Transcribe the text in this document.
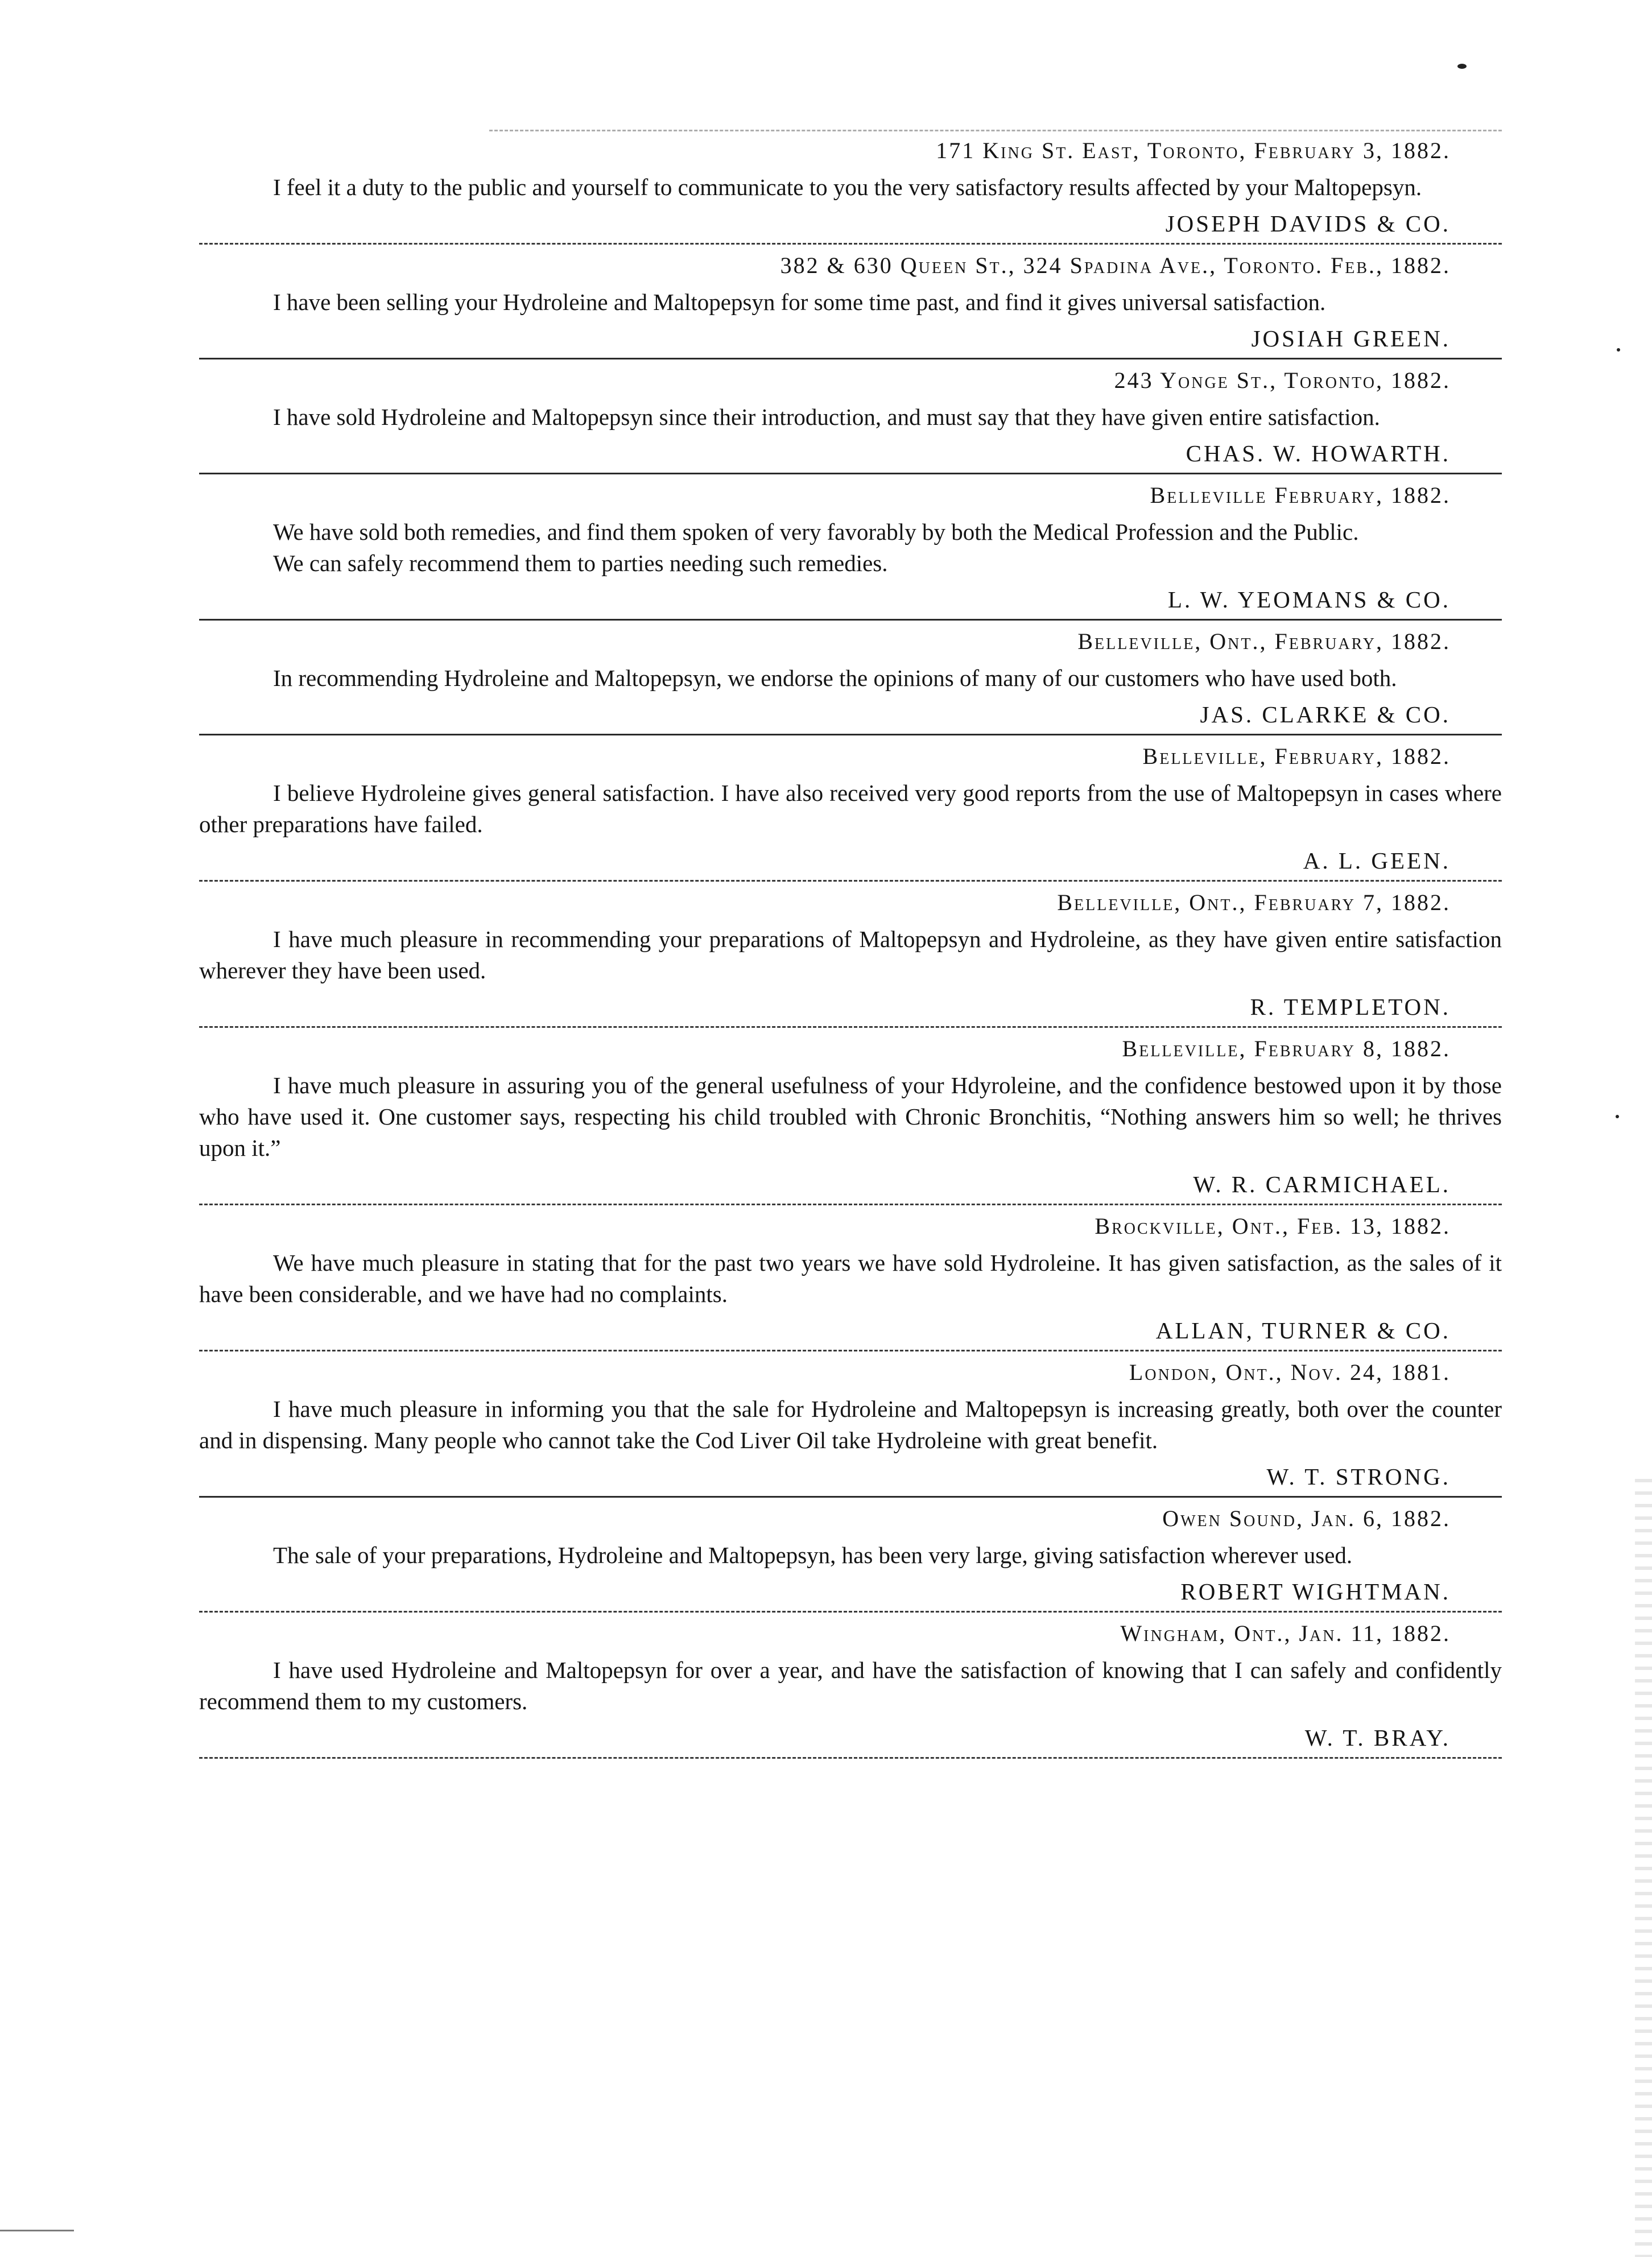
171 King St. East, Toronto, February 3, 1882.

I feel it a duty to the public and yourself to communicate to you the very satisfactory results affected by your Maltopepsyn.

JOSEPH DAVIDS & CO.
382 & 630 Queen St., 324 Spadina Ave., Toronto. Feb., 1882.

I have been selling your Hydroleine and Maltopepsyn for some time past, and find it gives universal satisfaction.

JOSIAH GREEN.
243 Yonge St., Toronto, 1882.

I have sold Hydroleine and Maltopepsyn since their introduction, and must say that they have given entire satisfaction.

CHAS. W. HOWARTH.
Belleville February, 1882.

We have sold both remedies, and find them spoken of very favorably by both the Medical Profession and the Public.

We can safely recommend them to parties needing such remedies.

L. W. YEOMANS & CO.
Belleville, Ont., February, 1882.

In recommending Hydroleine and Maltopepsyn, we endorse the opinions of many of our customers who have used both.

JAS. CLARKE & CO.
Belleville, February, 1882.

I believe Hydroleine gives general satisfaction. I have also received very good reports from the use of Maltopepsyn in cases where other preparations have failed.

A. L. GEEN.
Belleville, Ont., February 7, 1882.

I have much pleasure in recommending your preparations of Maltopepsyn and Hydroleine, as they have given entire satisfaction wherever they have been used.

R. TEMPLETON.
Belleville, February 8, 1882.

I have much pleasure in assuring you of the general usefulness of your Hdyroleine, and the confidence bestowed upon it by those who have used it. One customer says, respecting his child troubled with Chronic Bronchitis, “Nothing answers him so well; he thrives upon it.”

W. R. CARMICHAEL.
Brockville, Ont., Feb. 13, 1882.

We have much pleasure in stating that for the past two years we have sold Hydroleine. It has given satisfaction, as the sales of it have been considerable, and we have had no complaints.

ALLAN, TURNER & CO.
London, Ont., Nov. 24, 1881.

I have much pleasure in informing you that the sale for Hydroleine and Maltopepsyn is increasing greatly, both over the counter and in dispensing. Many people who cannot take the Cod Liver Oil take Hydroleine with great benefit.

W. T. STRONG.
Owen Sound, Jan. 6, 1882.

The sale of your preparations, Hydroleine and Maltopepsyn, has been very large, giving satisfaction wherever used.

ROBERT WIGHTMAN.
Wingham, Ont., Jan. 11, 1882.

I have used Hydroleine and Maltopepsyn for over a year, and have the satisfaction of knowing that I can safely and confidently recommend them to my customers.

W. T. BRAY.
